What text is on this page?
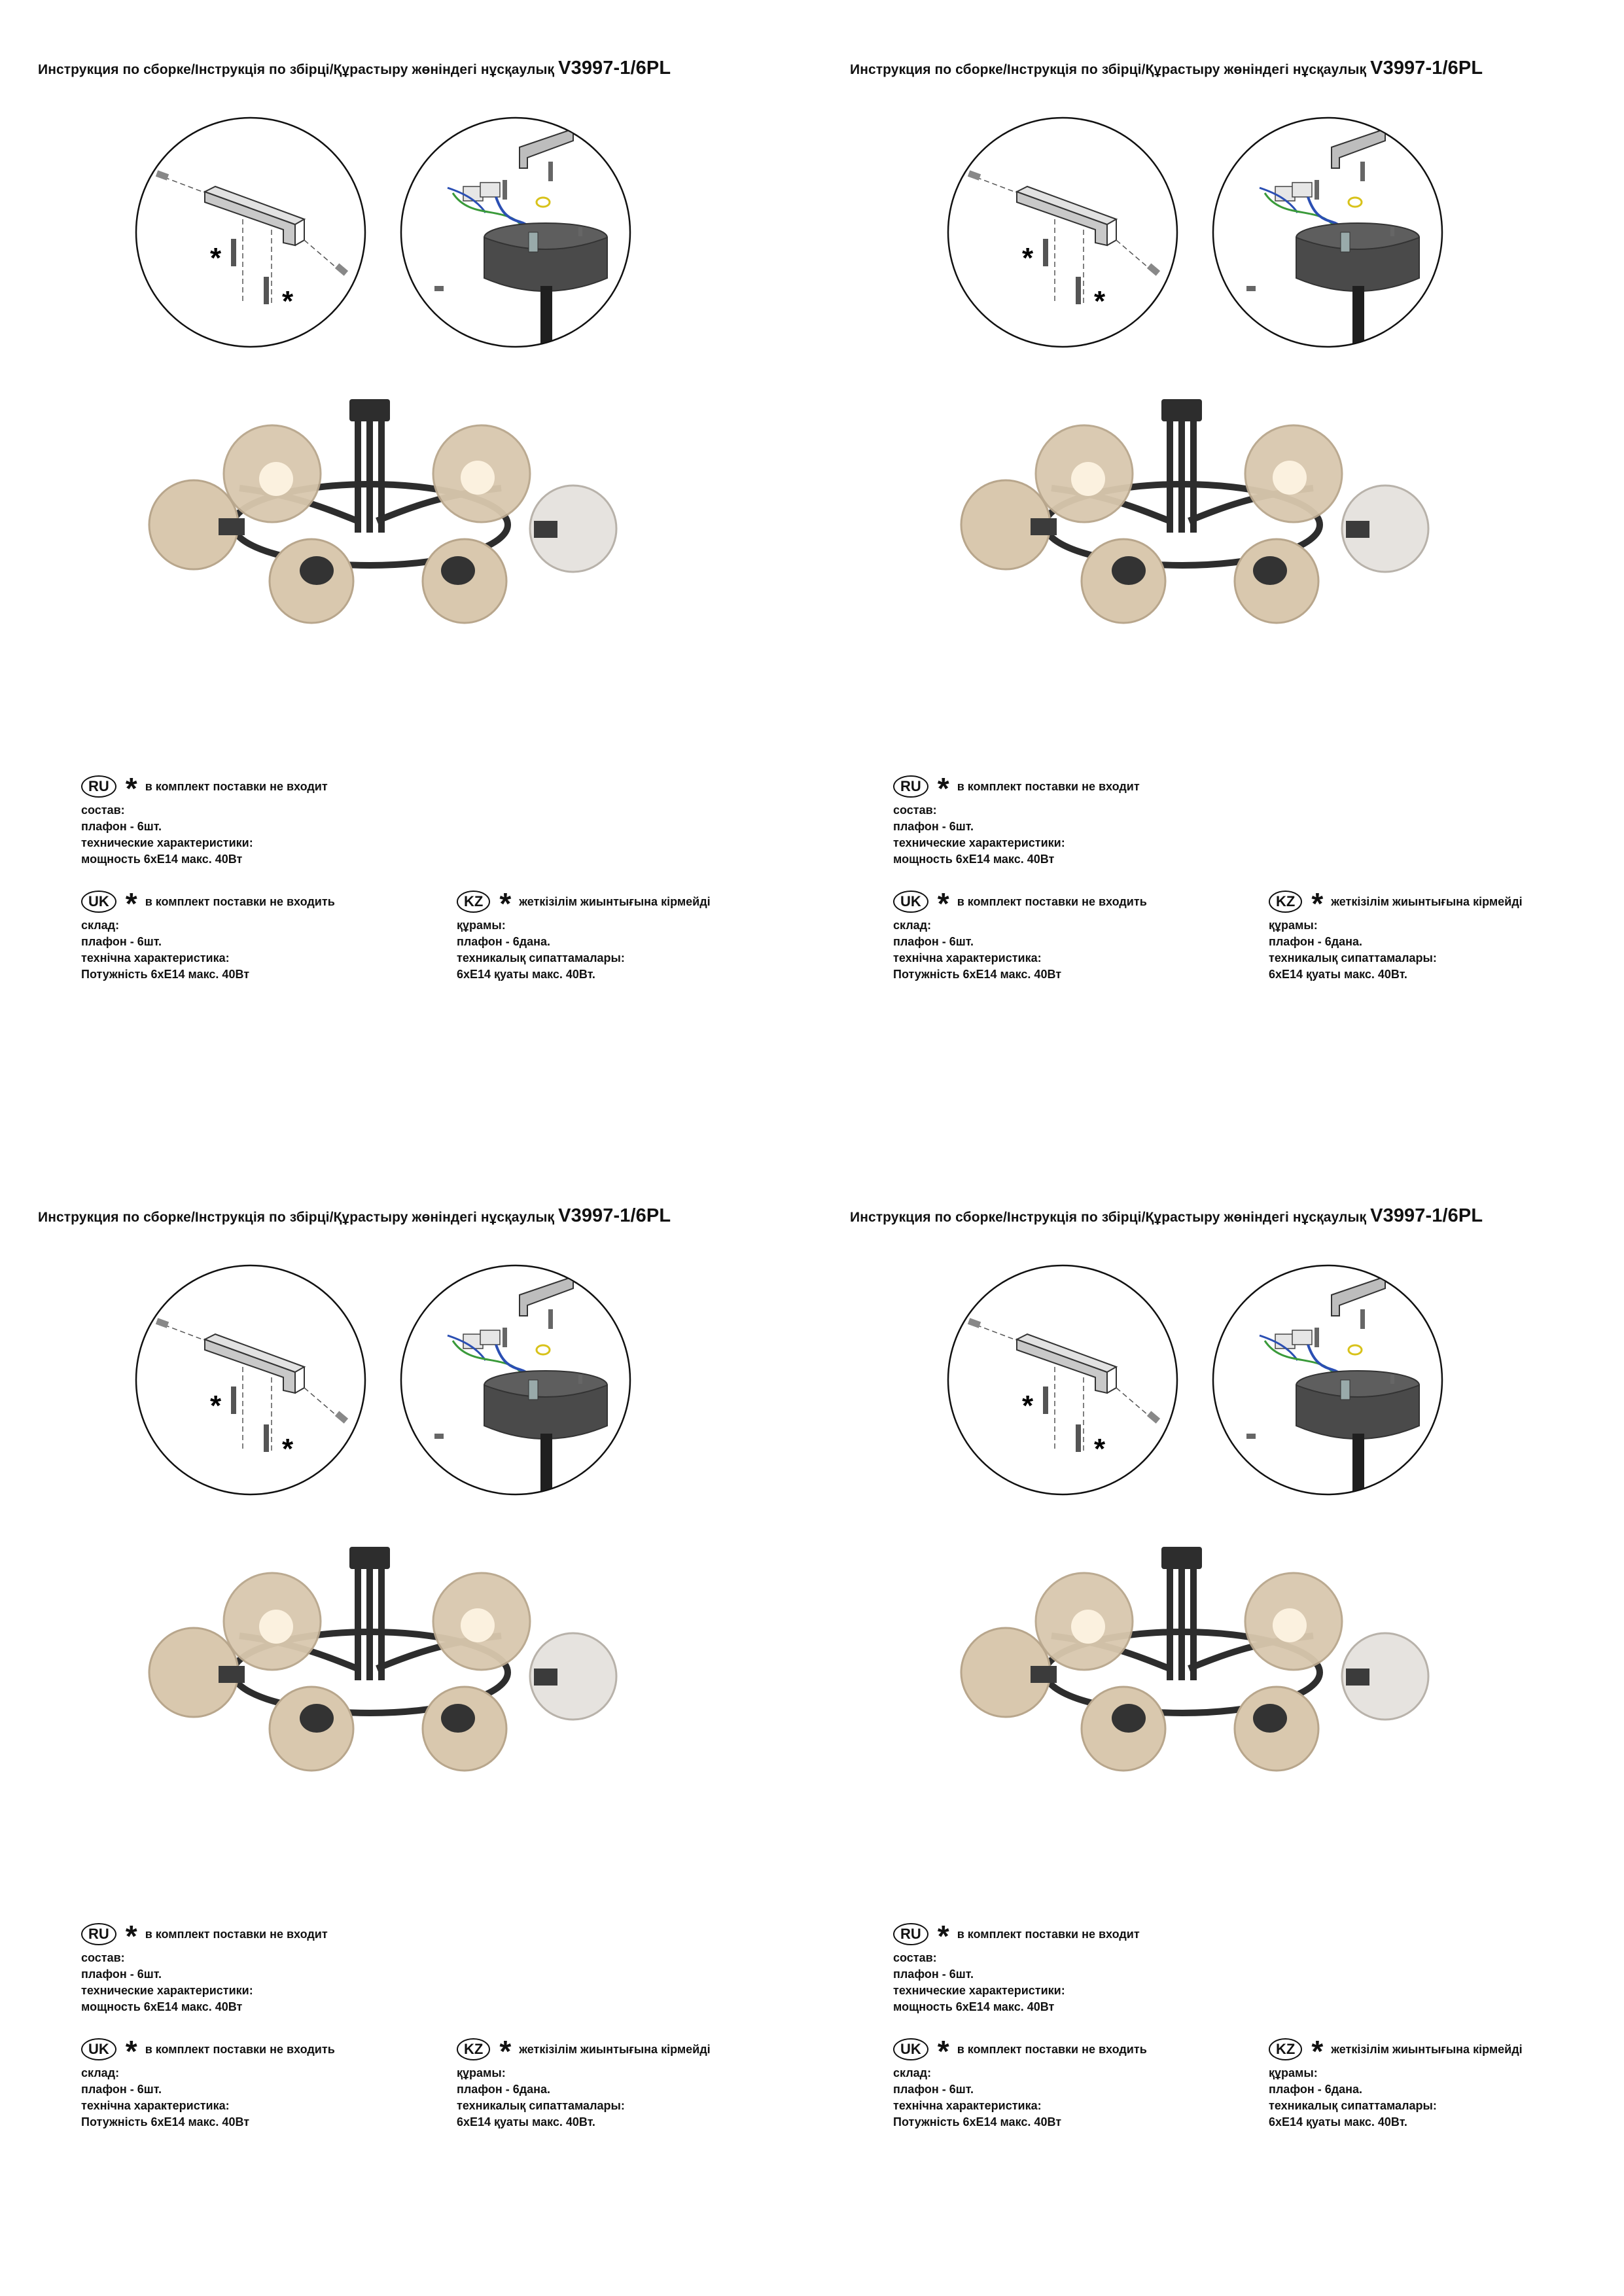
Инструкция по сборке/Інструкція по збірці/Құрастыру жөніндегі нұсқаулық V3997-1/6PL
*
*
RU * в комплект поставки не входит
состав:
плафон - 6шт.
технические характеристики:
мощность 6хЕ14 макс. 40Вт
UK * в комплект поставки не входить
склад:
плафон - 6шт.
технічна характеристика:
Потужність 6хЕ14 макс. 40Вт
KZ * жеткізілім жиынтығына кірмейді
құрамы:
плафон - 6дана.
техникалық сипаттамалары:
6хЕ14 қуаты макс. 40Вт.
Инструкция по сборке/Інструкція по збірці/Құрастыру жөніндегі нұсқаулық V3997-1/6PL
*
*
RU * в комплект поставки не входит
состав:
плафон - 6шт.
технические характеристики:
мощность 6хЕ14 макс. 40Вт
UK * в комплект поставки не входить
склад:
плафон - 6шт.
технічна характеристика:
Потужність 6хЕ14 макс. 40Вт
KZ * жеткізілім жиынтығына кірмейді
құрамы:
плафон - 6дана.
техникалық сипаттамалары:
6хЕ14 қуаты макс. 40Вт.
Инструкция по сборке/Інструкція по збірці/Құрастыру жөніндегі нұсқаулық V3997-1/6PL
*
*
RU * в комплект поставки не входит
состав:
плафон - 6шт.
технические характеристики:
мощность 6хЕ14 макс. 40Вт
UK * в комплект поставки не входить
склад:
плафон - 6шт.
технічна характеристика:
Потужність 6хЕ14 макс. 40Вт
KZ * жеткізілім жиынтығына кірмейді
құрамы:
плафон - 6дана.
техникалық сипаттамалары:
6хЕ14 қуаты макс. 40Вт.
Инструкция по сборке/Інструкція по збірці/Құрастыру жөніндегі нұсқаулық V3997-1/6PL
*
*
RU * в комплект поставки не входит
состав:
плафон - 6шт.
технические характеристики:
мощность 6хЕ14 макс. 40Вт
UK * в комплект поставки не входить
склад:
плафон - 6шт.
технічна характеристика:
Потужність 6хЕ14 макс. 40Вт
KZ * жеткізілім жиынтығына кірмейді
құрамы:
плафон - 6дана.
техникалық сипаттамалары:
6хЕ14 қуаты макс. 40Вт.
